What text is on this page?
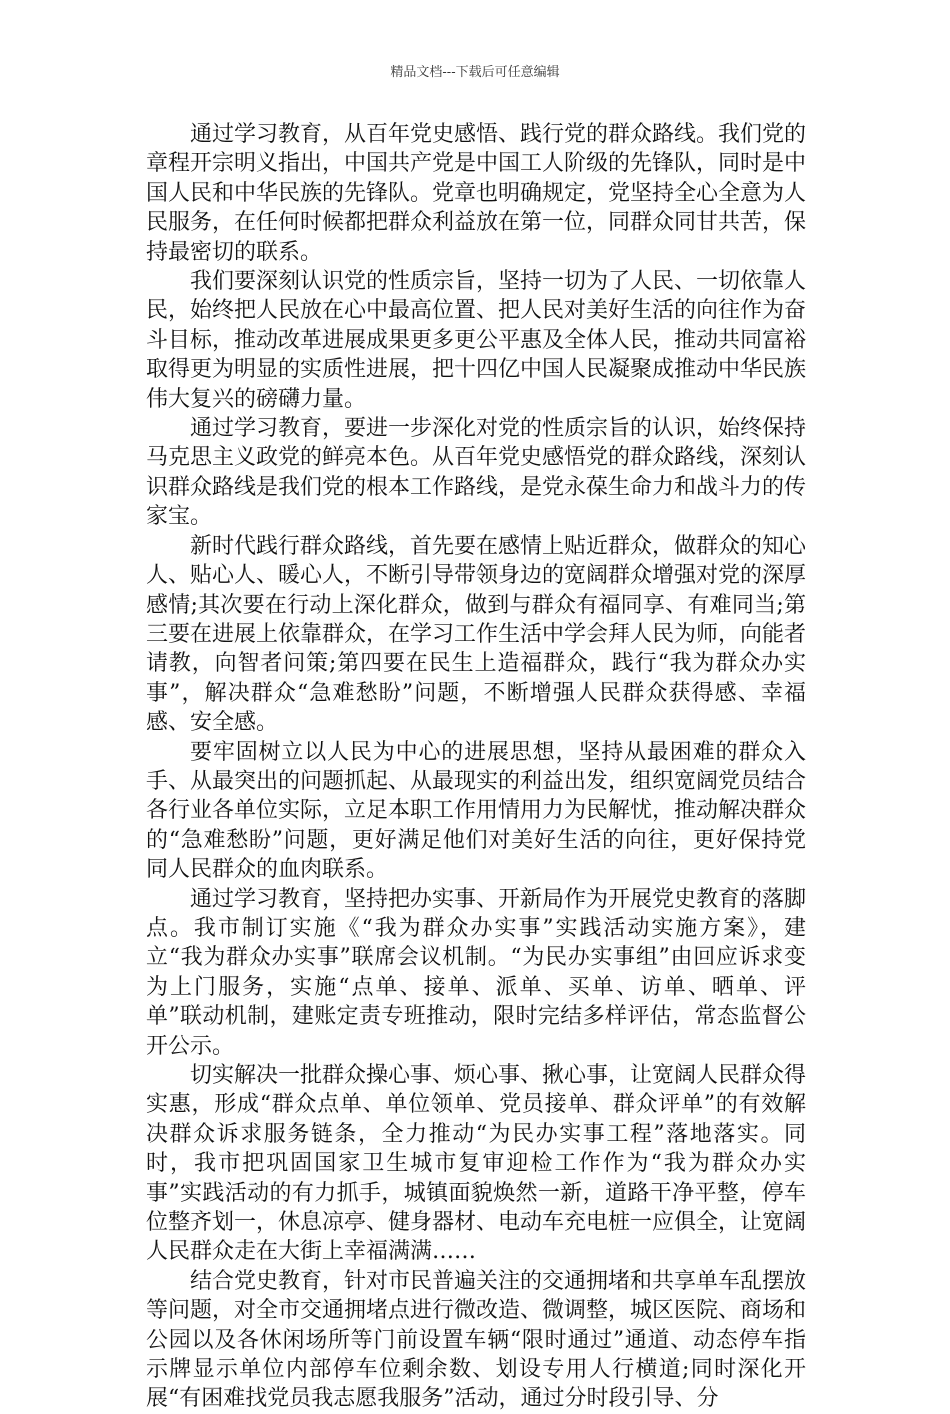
精品文档---下载后可任意编辑

通过学习教育，从百年党史感悟、践行党的群众路线。我们党的章程开宗明义指出，中国共产党是中国工人阶级的先锋队，同时是中国人民和中华民族的先锋队。党章也明确规定，党坚持全心全意为人民服务，在任何时候都把群众利益放在第一位，同群众同甘共苦，保持最密切的联系。

我们要深刻认识党的性质宗旨，坚持一切为了人民、一切依靠人民，始终把人民放在心中最高位置、把人民对美好生活的向往作为奋斗目标，推动改革进展成果更多更公平惠及全体人民，推动共同富裕取得更为明显的实质性进展，把十四亿中国人民凝聚成推动中华民族伟大复兴的磅礴力量。

通过学习教育，要进一步深化对党的性质宗旨的认识，始终保持马克思主义政党的鲜亮本色。从百年党史感悟党的群众路线，深刻认识群众路线是我们党的根本工作路线，是党永葆生命力和战斗力的传家宝。

新时代践行群众路线，首先要在感情上贴近群众，做群众的知心人、贴心人、暖心人，不断引导带领身边的宽阔群众增强对党的深厚感情;其次要在行动上深化群众，做到与群众有福同享、有难同当;第三要在进展上依靠群众，在学习工作生活中学会拜人民为师，向能者请教，向智者问策;第四要在民生上造福群众，践行“我为群众办实事”，解决群众“急难愁盼”问题，不断增强人民群众获得感、幸福感、安全感。

要牢固树立以人民为中心的进展思想，坚持从最困难的群众入手、从最突出的问题抓起、从最现实的利益出发，组织宽阔党员结合各行业各单位实际，立足本职工作用情用力为民解忧，推动解决群众的“急难愁盼”问题，更好满足他们对美好生活的向往，更好保持党同人民群众的血肉联系。

通过学习教育，坚持把办实事、开新局作为开展党史教育的落脚点。我市制订实施《“我为群众办实事”实践活动实施方案》，建立“我为群众办实事”联席会议机制。“为民办实事组”由回应诉求变为上门服务，实施“点单、接单、派单、买单、访单、晒单、评单”联动机制，建账定责专班推动，限时完结多样评估，常态监督公开公示。

切实解决一批群众操心事、烦心事、揪心事，让宽阔人民群众得实惠，形成“群众点单、单位领单、党员接单、群众评单”的有效解决群众诉求服务链条，全力推动“为民办实事工程”落地落实。同时，我市把巩固国家卫生城市复审迎检工作作为“我为群众办实事”实践活动的有力抓手，城镇面貌焕然一新，道路干净平整，停车位整齐划一，休息凉亭、健身器材、电动车充电桩一应俱全，让宽阔人民群众走在大街上幸福满满……

结合党史教育，针对市民普遍关注的交通拥堵和共享单车乱摆放等问题，对全市交通拥堵点进行微改造、微调整，城区医院、商场和公园以及各休闲场所等门前设置车辆“限时通过”通道、动态停车指示牌显示单位内部停车位剩余数、划设专用人行横道;同时深化开展“有困难找党员我志愿我服务”活动，通过分时段引导、分
